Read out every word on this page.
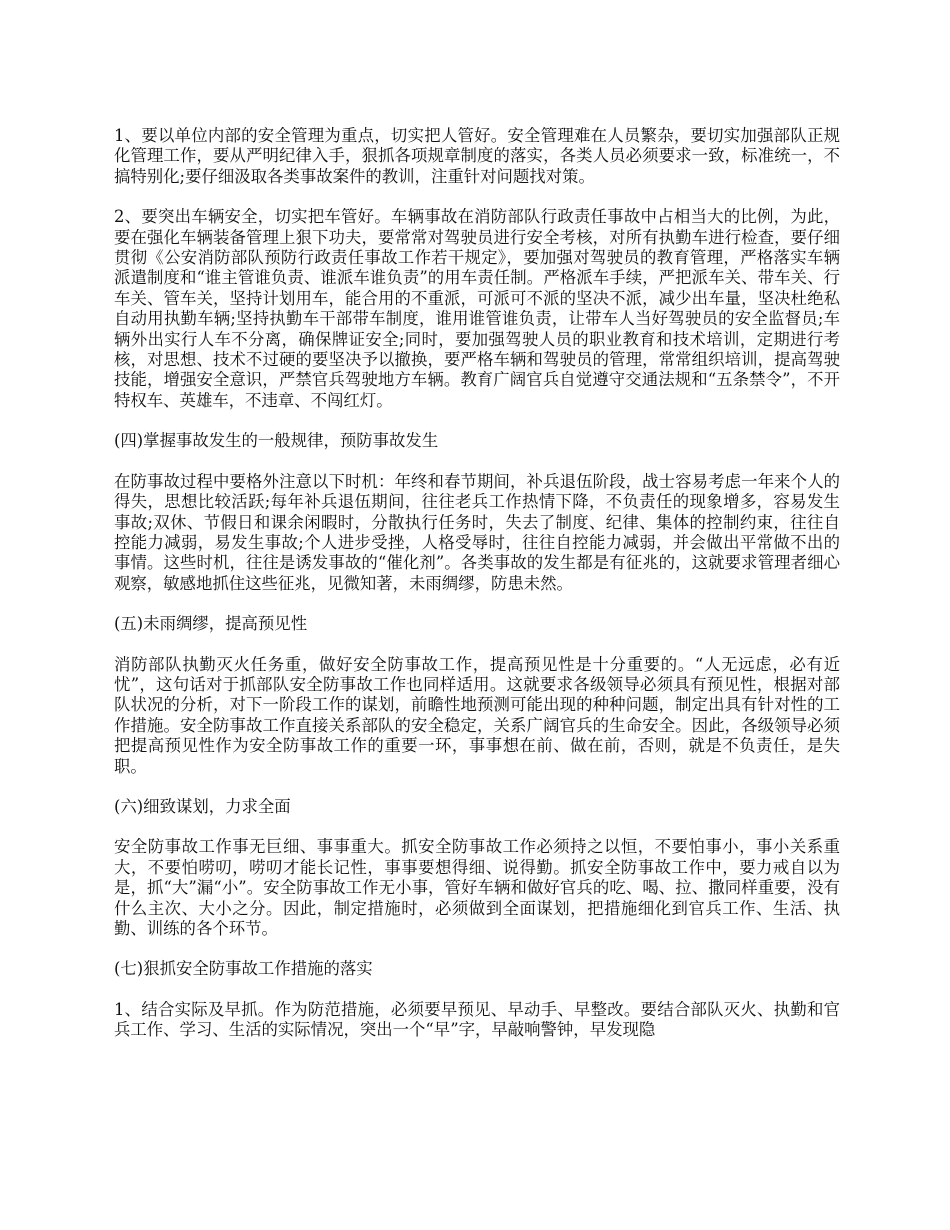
1、要以单位内部的安全管理为重点，切实把人管好。安全管理难在人员繁杂，要切实加强部队正规化管理工作，要从严明纪律入手，狠抓各项规章制度的落实，各类人员必须要求一致，标准统一，不搞特别化;要仔细汲取各类事故案件的教训，注重针对问题找对策。

2、要突出车辆安全，切实把车管好。车辆事故在消防部队行政责任事故中占相当大的比例，为此，要在强化车辆装备管理上狠下功夫，要常常对驾驶员进行安全考核，对所有执勤车进行检查，要仔细贯彻《公安消防部队预防行政责任事故工作若干规定》，要加强对驾驶员的教育管理，严格落实车辆派遣制度和“谁主管谁负责、谁派车谁负责”的用车责任制。严格派车手续，严把派车关、带车关、行车关、管车关，坚持计划用车，能合用的不重派，可派可不派的坚决不派，减少出车量，坚决杜绝私自动用执勤车辆;坚持执勤车干部带车制度，谁用谁管谁负责，让带车人当好驾驶员的安全监督员;车辆外出实行人车不分离，确保牌证安全;同时，要加强驾驶人员的职业教育和技术培训，定期进行考核，对思想、技术不过硬的要坚决予以撤换，要严格车辆和驾驶员的管理，常常组织培训，提高驾驶技能，增强安全意识，严禁官兵驾驶地方车辆。教育广阔官兵自觉遵守交通法规和“五条禁令”，不开特权车、英雄车，不违章、不闯红灯。

(四)掌握事故发生的一般规律，预防事故发生

在防事故过程中要格外注意以下时机：年终和春节期间，补兵退伍阶段，战士容易考虑一年来个人的得失，思想比较活跃;每年补兵退伍期间，往往老兵工作热情下降，不负责任的现象增多，容易发生事故;双休、节假日和课余闲暇时，分散执行任务时，失去了制度、纪律、集体的控制约束，往往自控能力减弱，易发生事故;个人进步受挫，人格受辱时，往往自控能力减弱，并会做出平常做不出的事情。这些时机，往往是诱发事故的“催化剂”。各类事故的发生都是有征兆的，这就要求管理者细心观察，敏感地抓住这些征兆，见微知著，未雨绸缪，防患未然。

(五)未雨绸缪，提高预见性

消防部队执勤灭火任务重，做好安全防事故工作，提高预见性是十分重要的。“人无远虑，必有近忧”，这句话对于抓部队安全防事故工作也同样适用。这就要求各级领导必须具有预见性，根据对部队状况的分析，对下一阶段工作的谋划，前瞻性地预测可能出现的种种问题，制定出具有针对性的工作措施。安全防事故工作直接关系部队的安全稳定，关系广阔官兵的生命安全。因此，各级领导必须把提高预见性作为安全防事故工作的重要一环，事事想在前、做在前，否则，就是不负责任，是失职。

(六)细致谋划，力求全面

安全防事故工作事无巨细、事事重大。抓安全防事故工作必须持之以恒，不要怕事小，事小关系重大，不要怕唠叨，唠叨才能长记性，事事要想得细、说得勤。抓安全防事故工作中，要力戒自以为是，抓“大”漏“小”。安全防事故工作无小事，管好车辆和做好官兵的吃、喝、拉、撒同样重要，没有什么主次、大小之分。因此，制定措施时，必须做到全面谋划，把措施细化到官兵工作、生活、执勤、训练的各个环节。

(七)狠抓安全防事故工作措施的落实

1、结合实际及早抓。作为防范措施，必须要早预见、早动手、早整改。要结合部队灭火、执勤和官兵工作、学习、生活的实际情况，突出一个“早”字，早敲响警钟，早发现隐
